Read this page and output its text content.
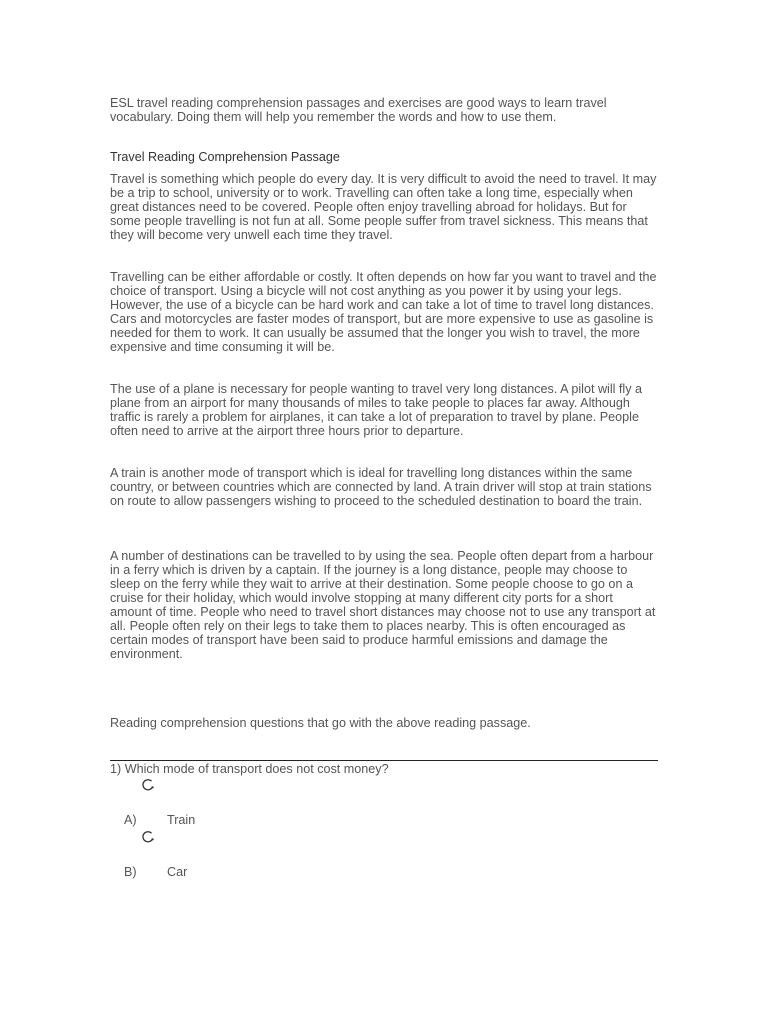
ESL travel reading comprehension passages and exercises are good ways to learn travel vocabulary. Doing them will help you remember the words and how to use them.

Travel Reading Comprehension Passage

Travel is something which people do every day. It is very difficult to avoid the need to travel. It may be a trip to school, university or to work. Travelling can often take a long time, especially when great distances need to be covered. People often enjoy travelling abroad for holidays. But for some people travelling is not fun at all. Some people suffer from travel sickness. This means that they will become very unwell each time they travel.

Travelling can be either affordable or costly. It often depends on how far you want to travel and the choice of transport. Using a bicycle will not cost anything as you power it by using your legs. However, the use of a bicycle can be hard work and can take a lot of time to travel long distances. Cars and motorcycles are faster modes of transport, but are more expensive to use as gasoline is needed for them to work. It can usually be assumed that the longer you wish to travel, the more expensive and time consuming it will be.

The use of a plane is necessary for people wanting to travel very long distances. A pilot will fly a plane from an airport for many thousands of miles to take people to places far away. Although traffic is rarely a problem for airplanes, it can take a lot of preparation to travel by plane. People often need to arrive at the airport three hours prior to departure.

A train is another mode of transport which is ideal for travelling long distances within the same country, or between countries which are connected by land. A train driver will stop at train stations on route to allow passengers wishing to proceed to the scheduled destination to board the train.

A number of destinations can be travelled to by using the sea. People often depart from a harbour in a ferry which is driven by a captain. If the journey is a long distance, people may choose to sleep on the ferry while they wait to arrive at their destination. Some people choose to go on a cruise for their holiday, which would involve stopping at many different city ports for a short amount of time. People who need to travel short distances may choose not to use any transport at all. People often rely on their legs to take them to places nearby. This is often encouraged as certain modes of transport have been said to produce harmful emissions and damage the environment.

Reading comprehension questions that go with the above reading passage.

1) Which mode of transport does not cost money?

A) Train
B) Car
